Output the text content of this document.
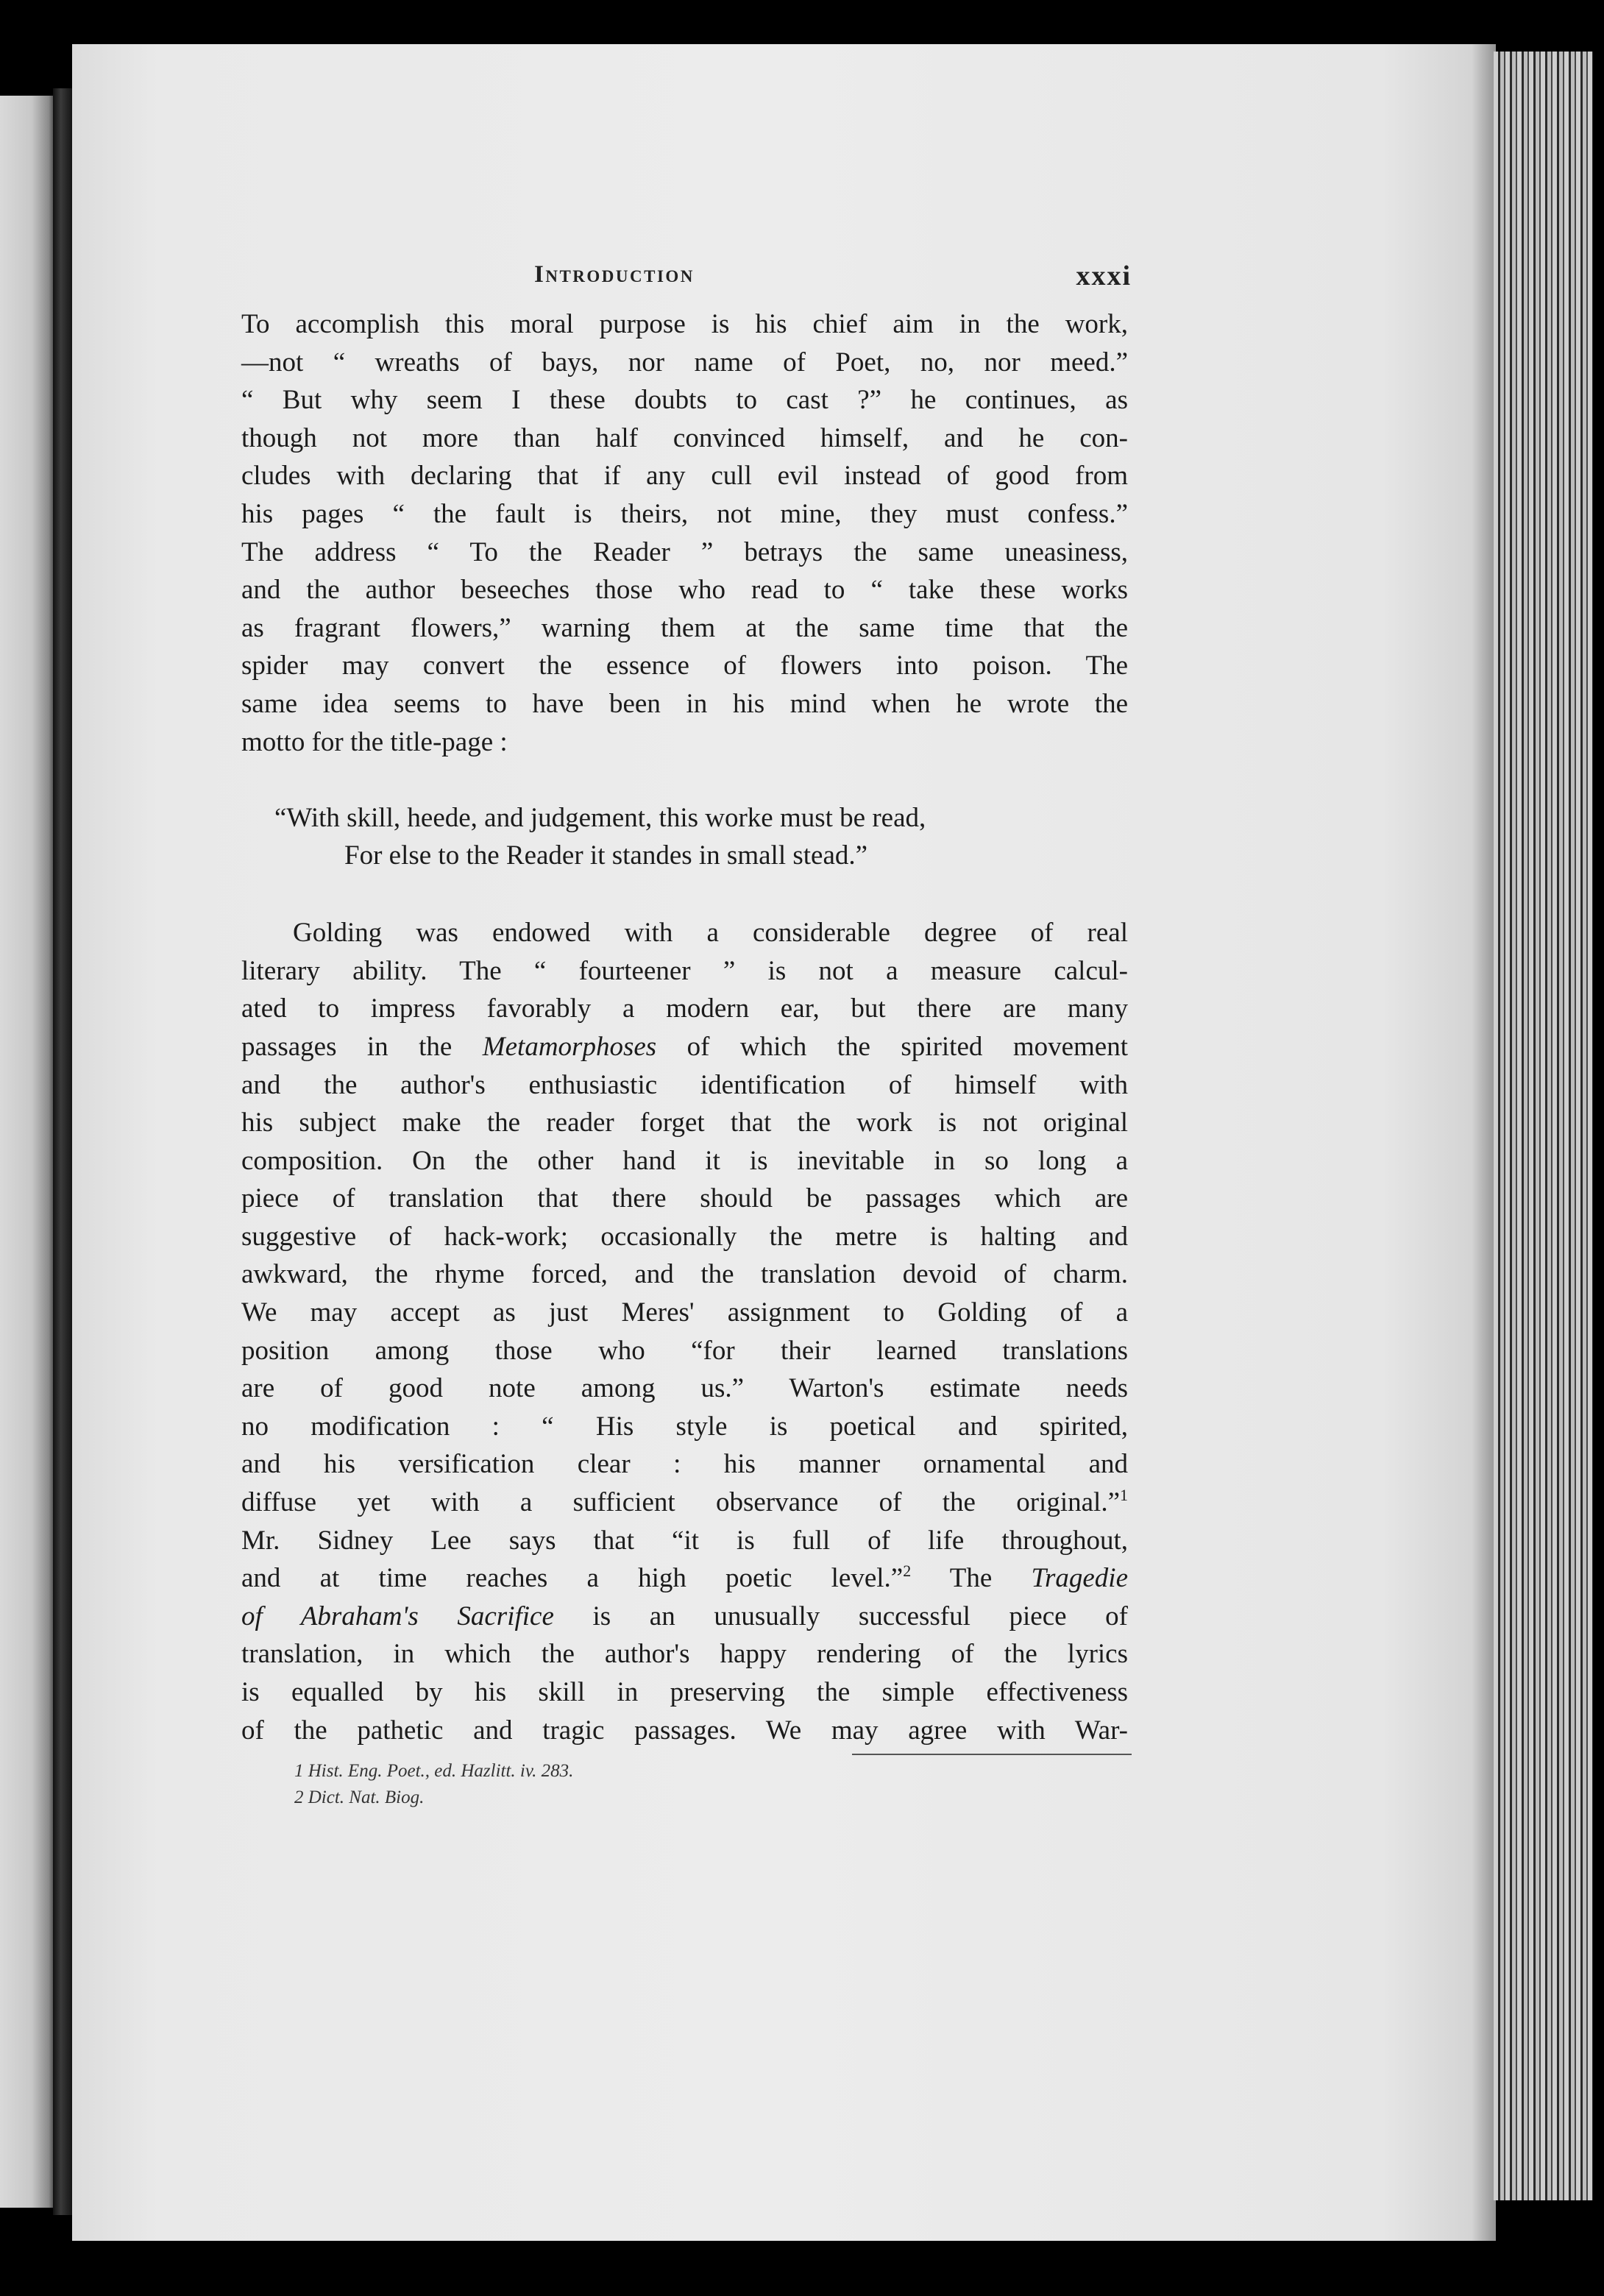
Introduction	xxxi
To accomplish this moral purpose is his chief aim in the work,
—not “ wreaths of bays, nor name of Poet, no, nor meed.”
“ But why seem I these doubts to cast ?” he continues, as
though not more than half convinced himself, and he con-
cludes with declaring that if any cull evil instead of good from
his pages “ the fault is theirs, not mine, they must confess.”
The address “ To the Reader ” betrays the same uneasiness,
and the author beseeches those who read to “ take these works
as fragrant flowers,” warning them at the same time that the
spider may convert the essence of flowers into poison. The
same idea seems to have been in his mind when he wrote the
motto for the title-page :
“With skill, heede, and judgement, this worke must be read,
For else to the Reader it standes in small stead.”
Golding was endowed with a considerable degree of real
literary ability. The “ fourteener ” is not a measure calcul-
ated to impress favorably a modern ear, but there are many
passages in the Metamorphoses of which the spirited movement
and the author's enthusiastic identification of himself with
his subject make the reader forget that the work is not original
composition. On the other hand it is inevitable in so long a
piece of translation that there should be passages which are
suggestive of hack-work; occasionally the metre is halting and
awkward, the rhyme forced, and the translation devoid of charm.
We may accept as just Meres' assignment to Golding of a
position among those who “for their learned translations
are of good note among us.” Warton's estimate needs
no modification : “ His style is poetical and spirited,
and his versification clear : his manner ornamental and
diffuse yet with a sufficient observance of the original.”$^1$
Mr. Sidney Lee says that “it is full of life throughout,
and at time reaches a high poetic level.”$^2$ The Tragedie
of Abraham's Sacrifice is an unusually successful piece of
translation, in which the author's happy rendering of the lyrics
is equalled by his skill in preserving the simple effectiveness
of the pathetic and tragic passages. We may agree with War-
1 Hist. Eng. Poet., ed. Hazlitt. iv. 283.
2 Dict. Nat. Biog.
